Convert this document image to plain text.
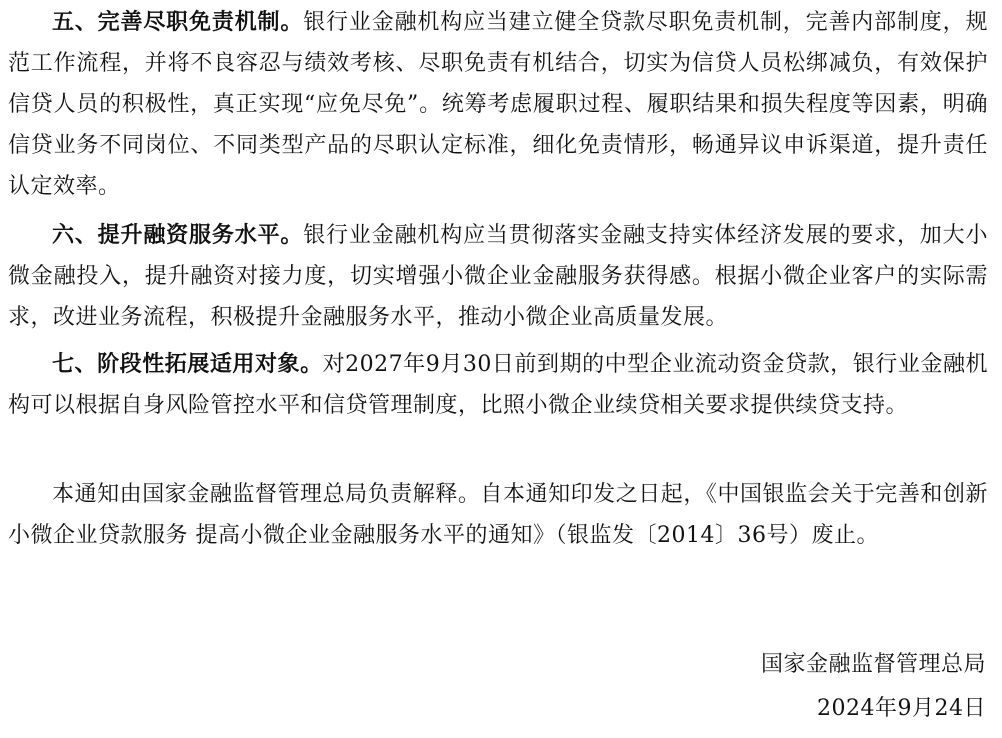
五、完善尽职免责机制。银行业金融机构应当建立健全贷款尽职免责机制，完善内部制度，规范工作流程，并将不良容忍与绩效考核、尽职免责有机结合，切实为信贷人员松绑减负，有效保护信贷人员的积极性，真正实现“应免尽免”。统筹考虑履职过程、履职结果和损失程度等因素，明确信贷业务不同岗位、不同类型产品的尽职认定标准，细化免责情形，畅通异议申诉渠道，提升责任认定效率。

六、提升融资服务水平。银行业金融机构应当贯彻落实金融支持实体经济发展的要求，加大小微金融投入，提升融资对接力度，切实增强小微企业金融服务获得感。根据小微企业客户的实际需求，改进业务流程，积极提升金融服务水平，推动小微企业高质量发展。

七、阶段性拓展适用对象。对2027年9月30日前到期的中型企业流动资金贷款，银行业金融机构可以根据自身风险管控水平和信贷管理制度，比照小微企业续贷相关要求提供续贷支持。

本通知由国家金融监督管理总局负责解释。自本通知印发之日起，《中国银监会关于完善和创新小微企业贷款服务 提高小微企业金融服务水平的通知》（银监发〔2014〕36号）废止。

国家金融监督管理总局
2024年9月24日
